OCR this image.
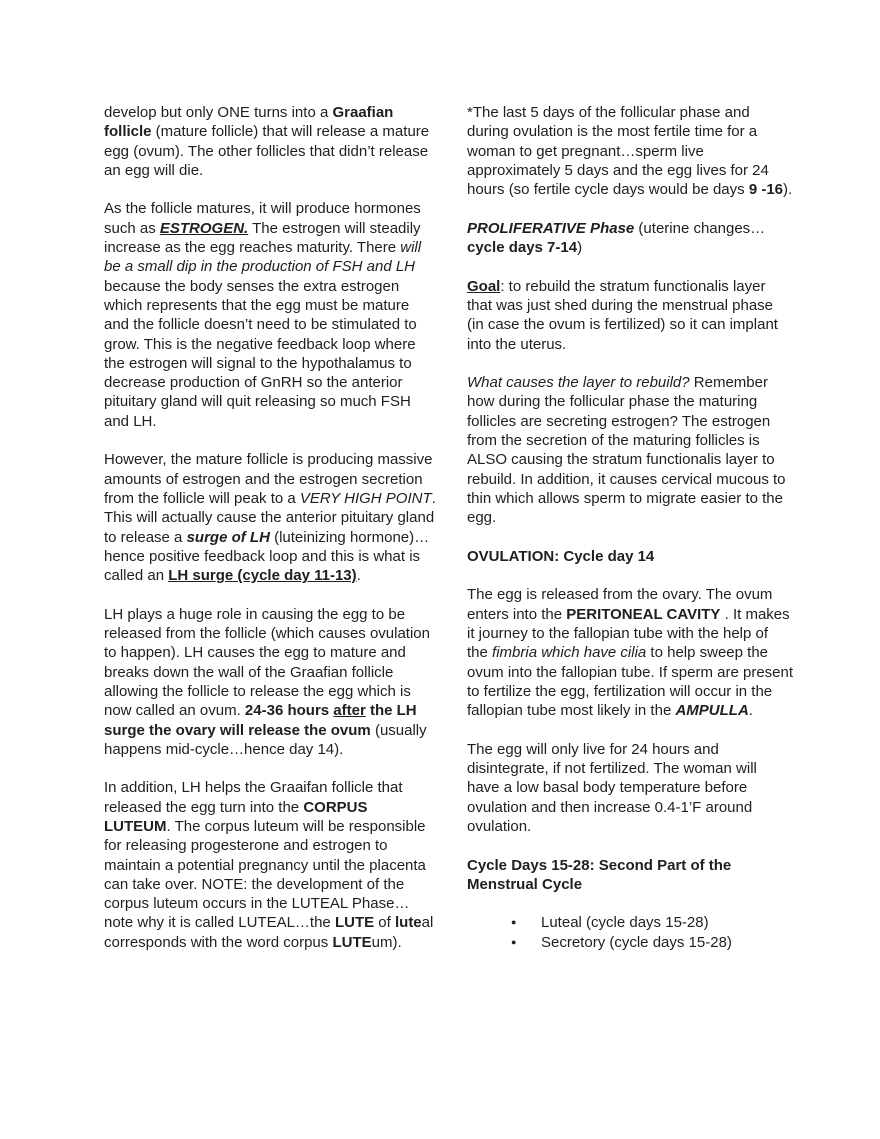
develop but only ONE turns into a Graafian follicle (mature follicle) that will release a mature egg (ovum). The other follicles that didn’t release an egg will die.

As the follicle matures, it will produce hormones such as ESTROGEN. The estrogen will steadily increase as the egg reaches maturity. There will be a small dip in the production of FSH and LH because the body senses the extra estrogen which represents that the egg must be mature and the follicle doesn’t need to be stimulated to grow. This is the negative feedback loop where the estrogen will signal to the hypothalamus to decrease production of GnRH so the anterior pituitary gland will quit releasing so much FSH and LH.

However, the mature follicle is producing massive amounts of estrogen and the estrogen secretion from the follicle will peak to a VERY HIGH POINT. This will actually cause the anterior pituitary gland to release a surge of LH (luteinizing hormone)…hence positive feedback loop and this is what is called an LH surge (cycle day 11-13).

LH plays a huge role in causing the egg to be released from the follicle (which causes ovulation to happen). LH causes the egg to mature and breaks down the wall of the Graafian follicle allowing the follicle to release the egg which is now called an ovum. 24-36 hours after the LH surge the ovary will release the ovum (usually happens mid-cycle…hence day 14).

In addition, LH helps the Graaifan follicle that released the egg turn into the CORPUS LUTEUM. The corpus luteum will be responsible for releasing progesterone and estrogen to maintain a potential pregnancy until the placenta can take over. NOTE: the development of the corpus luteum occurs in the LUTEAL Phase…note why it is called LUTEAL…the LUTE of luteal corresponds with the word corpus LUTEum).

*The last 5 days of the follicular phase and during ovulation is the most fertile time for a woman to get pregnant…sperm live approximately 5 days and the egg lives for 24 hours (so fertile cycle days would be days 9 -16).

PROLIFERATIVE Phase (uterine changes…cycle days 7-14)

Goal: to rebuild the stratum functionalis layer that was just shed during the menstrual phase (in case the ovum is fertilized) so it can implant into the uterus.

What causes the layer to rebuild? Remember how during the follicular phase the maturing follicles are secreting estrogen? The estrogen from the secretion of the maturing follicles is ALSO causing the stratum functionalis layer to rebuild. In addition, it causes cervical mucous to thin which allows sperm to migrate easier to the egg.

OVULATION: Cycle day 14

The egg is released from the ovary. The ovum enters into the PERITONEAL CAVITY . It makes it journey to the fallopian tube with the help of the fimbria which have cilia to help sweep the ovum into the fallopian tube. If sperm are present to fertilize the egg, fertilization will occur in the fallopian tube most likely in the AMPULLA.

The egg will only live for 24 hours and disintegrate, if not fertilized. The woman will have a low basal body temperature before ovulation and then increase 0.4-1’F around ovulation.

Cycle Days 15-28: Second Part of the Menstrual Cycle

●	Luteal (cycle days 15-28)
●	Secretory (cycle days 15-28)
